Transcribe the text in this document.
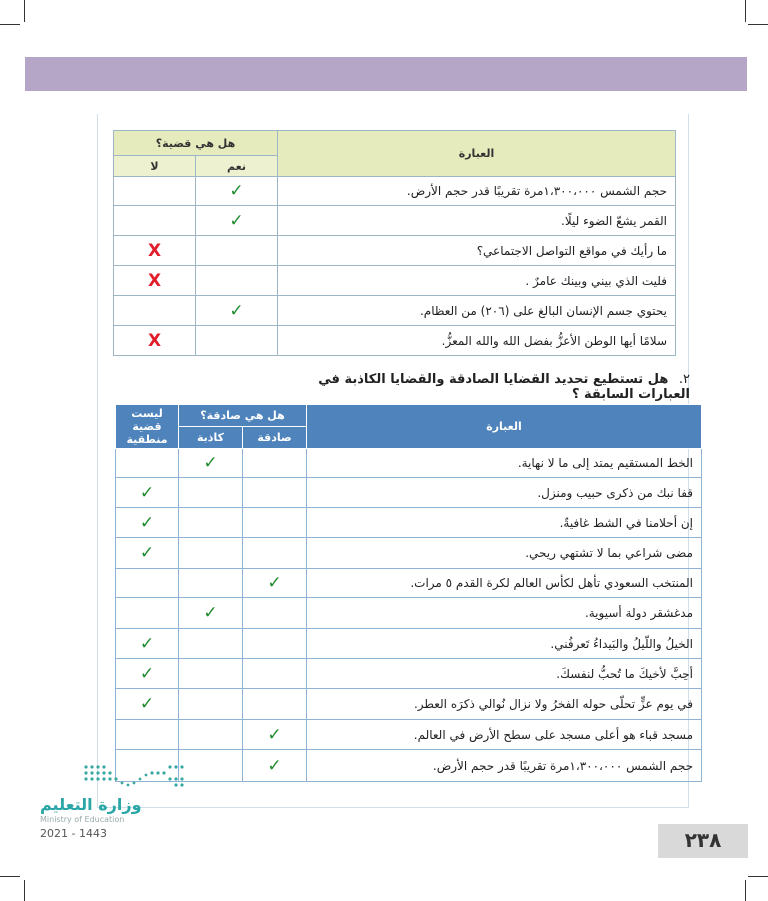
العبارة	هل هي قضية؟	
	نعم	لا
حجم الشمس ١،٣٠٠،٠٠٠مرة تقريبًا قدر حجم الأرض.	✓	
القمر يشعّ الضوء ليلًا.	✓	
ما رأيك في مواقع التواصل الاجتماعي؟		X
فليت الذي بيني وبينك عامرٌ .		X
يحتوي جسم الإنسان البالغ على (٢٠٦) من العظام.	✓	
سلامًا أيها الوطن الأعزُّ بفضل الله والله المعزُّ.		X
٢. هل تستطيع تحديد القضايا الصادقة والقضايا الكاذبة في العبارات السابقة ؟
العبارة	هل هي صادقة؟		ليست قضية منطقية
	صادقة	كاذبة	
الخط المستقيم يمتد إلى ما لا نهاية.		✓	
قفا نبك من ذكرى حبيب ومنزل.			✓
إن أحلامنا في الشط غافيةٌ.			✓
مضى شراعي بما لا تشتهي ريحي.			✓
المنتخب السعودي تأهل لكأس العالم لكرة القدم ٥ مرات.	✓		
مدغشقر دولة أسيوية.		✓	
الخيلُ واللّيلُ والبَيداءُ تَعرفُني.			✓
أحِبَّ لأخيكَ ما تُحبُّ لنفسكَ.			✓
في يوم عزٍّ تحلّى حوله الفخرُ ولا نزال نُوالي ذكرَه العطر.			✓
مسجد قباء هو أعلى مسجد على سطح الأرض في العالم.	✓		
حجم الشمس ١،٣٠٠،٠٠٠مرة تقريبًا قدر حجم الأرض.	✓		
وزارة التعليم
Ministry of Education
2021 - 1443	٢٣٨
